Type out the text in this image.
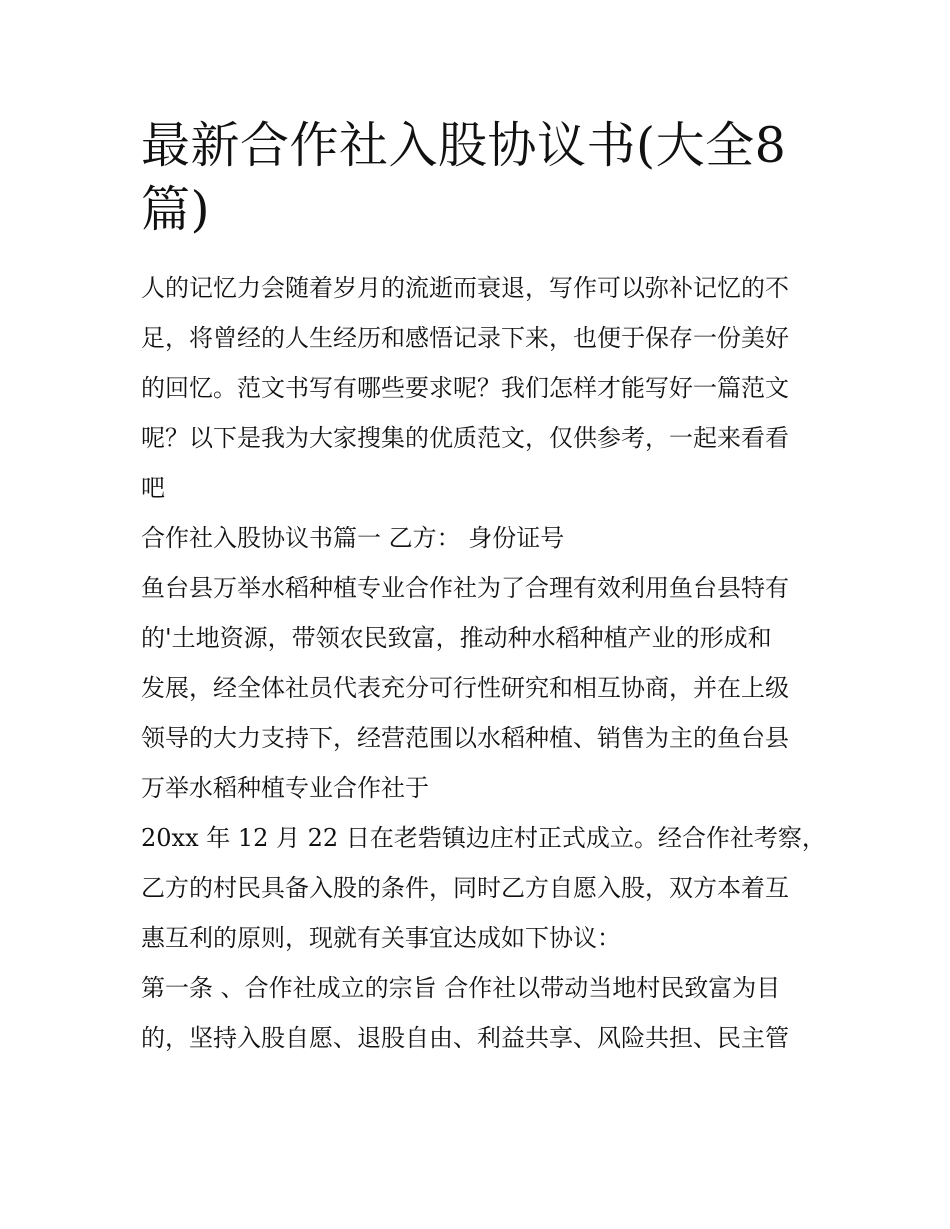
最新合作社入股协议书(大全8
篇)

人的记忆力会随着岁月的流逝而衰退，写作可以弥补记忆的不
足，将曾经的人生经历和感悟记录下来，也便于保存一份美好
的回忆。范文书写有哪些要求呢？我们怎样才能写好一篇范文
呢？以下是我为大家搜集的优质范文，仅供参考，一起来看看
吧

合作社入股协议书篇一 乙方： 身份证号

鱼台县万举水稻种植专业合作社为了合理有效利用鱼台县特有
的'土地资源，带领农民致富，推动种水稻种植产业的形成和
发展，经全体社员代表充分可行性研究和相互协商，并在上级
领导的大力支持下，经营范围以水稻种植、销售为主的鱼台县
万举水稻种植专业合作社于

20xx 年 12 月 22 日在老砦镇边庄村正式成立。经合作社考察，
乙方的村民具备入股的条件，同时乙方自愿入股，双方本着互
惠互利的原则，现就有关事宜达成如下协议：

第一条 、合作社成立的宗旨 合作社以带动当地村民致富为目
的，坚持入股自愿、退股自由、利益共享、风险共担、民主管
